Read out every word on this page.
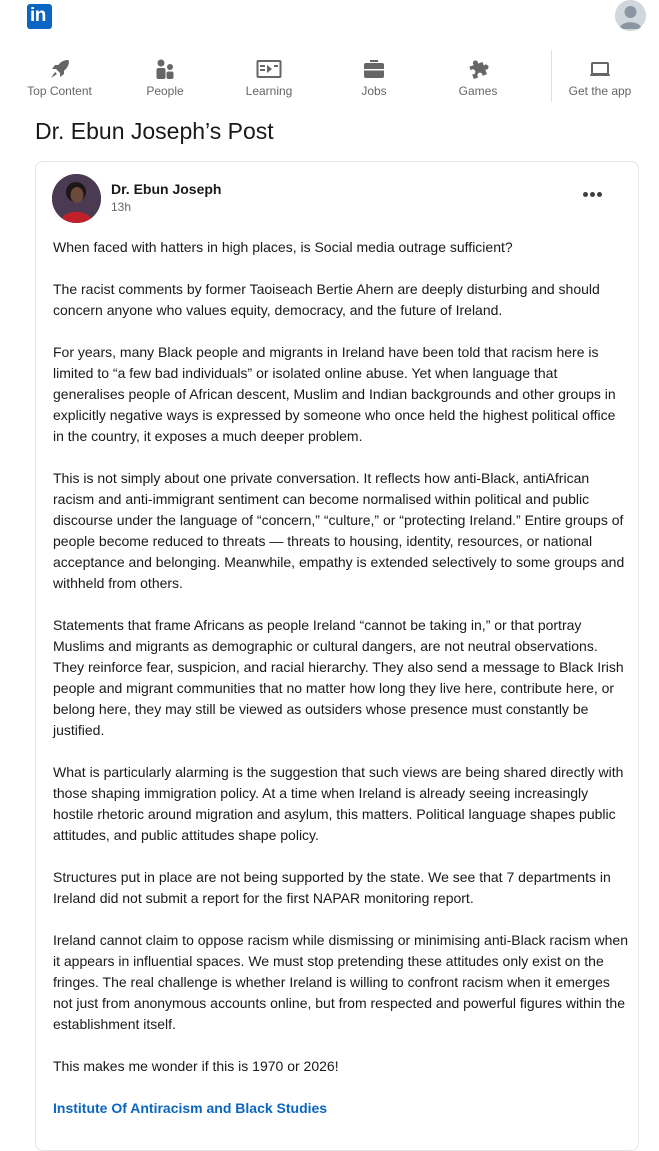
in
Top Content	People	Learning	Jobs	Games	Get the app
Dr. Ebun Joseph’s Post
Dr. Ebun Joseph
13h

When faced with hatters in high places, is Social media outrage sufficient?

The racist comments by former Taoiseach Bertie Ahern are deeply disturbing and should concern anyone who values equity, democracy, and the future of Ireland.

For years, many Black people and migrants in Ireland have been told that racism here is limited to “a few bad individuals” or isolated online abuse. Yet when language that generalises people of African descent, Muslim and Indian backgrounds and other groups in explicitly negative ways is expressed by someone who once held the highest political office in the country, it exposes a much deeper problem.

This is not simply about one private conversation. It reflects how anti-Black, antiAfrican racism and anti-immigrant sentiment can become normalised within political and public discourse under the language of “concern,” “culture,” or “protecting Ireland.” Entire groups of people become reduced to threats — threats to housing, identity, resources, or national acceptance and belonging. Meanwhile, empathy is extended selectively to some groups and withheld from others.

Statements that frame Africans as people Ireland “cannot be taking in,” or that portray Muslims and migrants as demographic or cultural dangers, are not neutral observations. They reinforce fear, suspicion, and racial hierarchy. They also send a message to Black Irish people and migrant communities that no matter how long they live here, contribute here, or belong here, they may still be viewed as outsiders whose presence must constantly be justified.

What is particularly alarming is the suggestion that such views are being shared directly with those shaping immigration policy. At a time when Ireland is already seeing increasingly hostile rhetoric around migration and asylum, this matters. Political language shapes public attitudes, and public attitudes shape policy.

Structures put in place are not being supported by the state. We see that 7 departments in Ireland did not submit a report for the first NAPAR monitoring report.

Ireland cannot claim to oppose racism while dismissing or minimising anti-Black racism when it appears in influential spaces. We must stop pretending these attitudes only exist on the fringes. The real challenge is whether Ireland is willing to confront racism when it emerges not just from anonymous accounts online, but from respected and powerful figures within the establishment itself.

This makes me wonder if this is 1970 or 2026!

Institute Of Antiracism and Black Studies
